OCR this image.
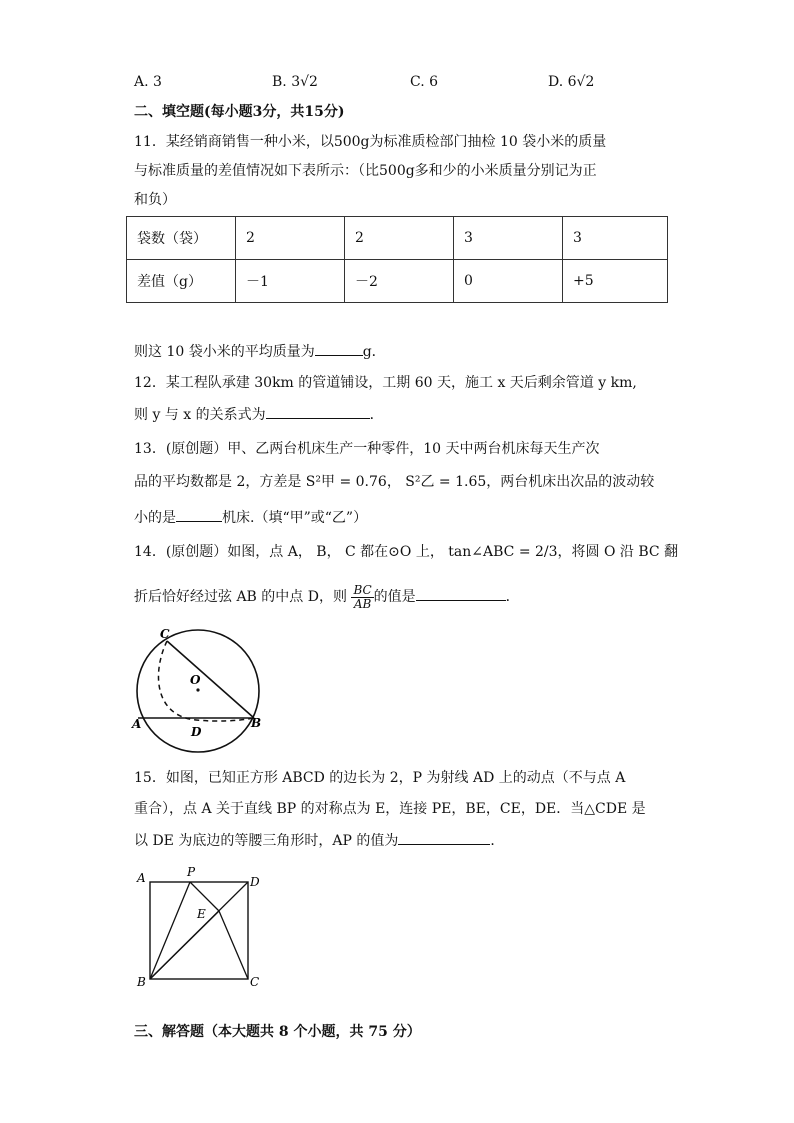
A. 3	B. 3√2	C. 6	D. 6√2
二、填空题(每小题3分，共15分)
11．某经销商销售一种小米，以500g为标准质检部门抽检 10 袋小米的质量
与标准质量的差值情况如下表所示：（比500g多和少的小米质量分别记为正
和负）
袋数（袋）	2	2	3	3
差值（g）	－1	－2	0	+5
则这 10 袋小米的平均质量为	g．
12．某工程队承建 30km 的管道铺设，工期 60 天，施工 x 天后剩余管道 y km,
则 y 与 x 的关系式为	．
13．(原创题）甲、乙两台机床生产一种零件，10 天中两台机床每天生产次
品的平均数都是 2，方差是 S²甲 = 0.76， S²乙 = 1.65，两台机床出次品的波动较
小的是	机床.（填“甲”或“乙”）
14．(原创题）如图，点 A， B， C 都在⊙O 上， tan∠ABC = 2/3，将圆 O 沿 BC 翻
折后恰好经过弦 AB 的中点 D，则 $\frac{BC}{AB}$ 的值是	．
C
O
A	B
D
15．如图，已知正方形 ABCD 的边长为 2，P 为射线 AD 上的动点（不与点 A
重合），点 A 关于直线 BP 的对称点为 E，连接 PE，BE，CE，DE．当△CDE 是
以 DE 为底边的等腰三角形时，AP 的值为	．
A	P
D
E
B	C
三、解答题（本大题共 8 个小题，共 75 分）
